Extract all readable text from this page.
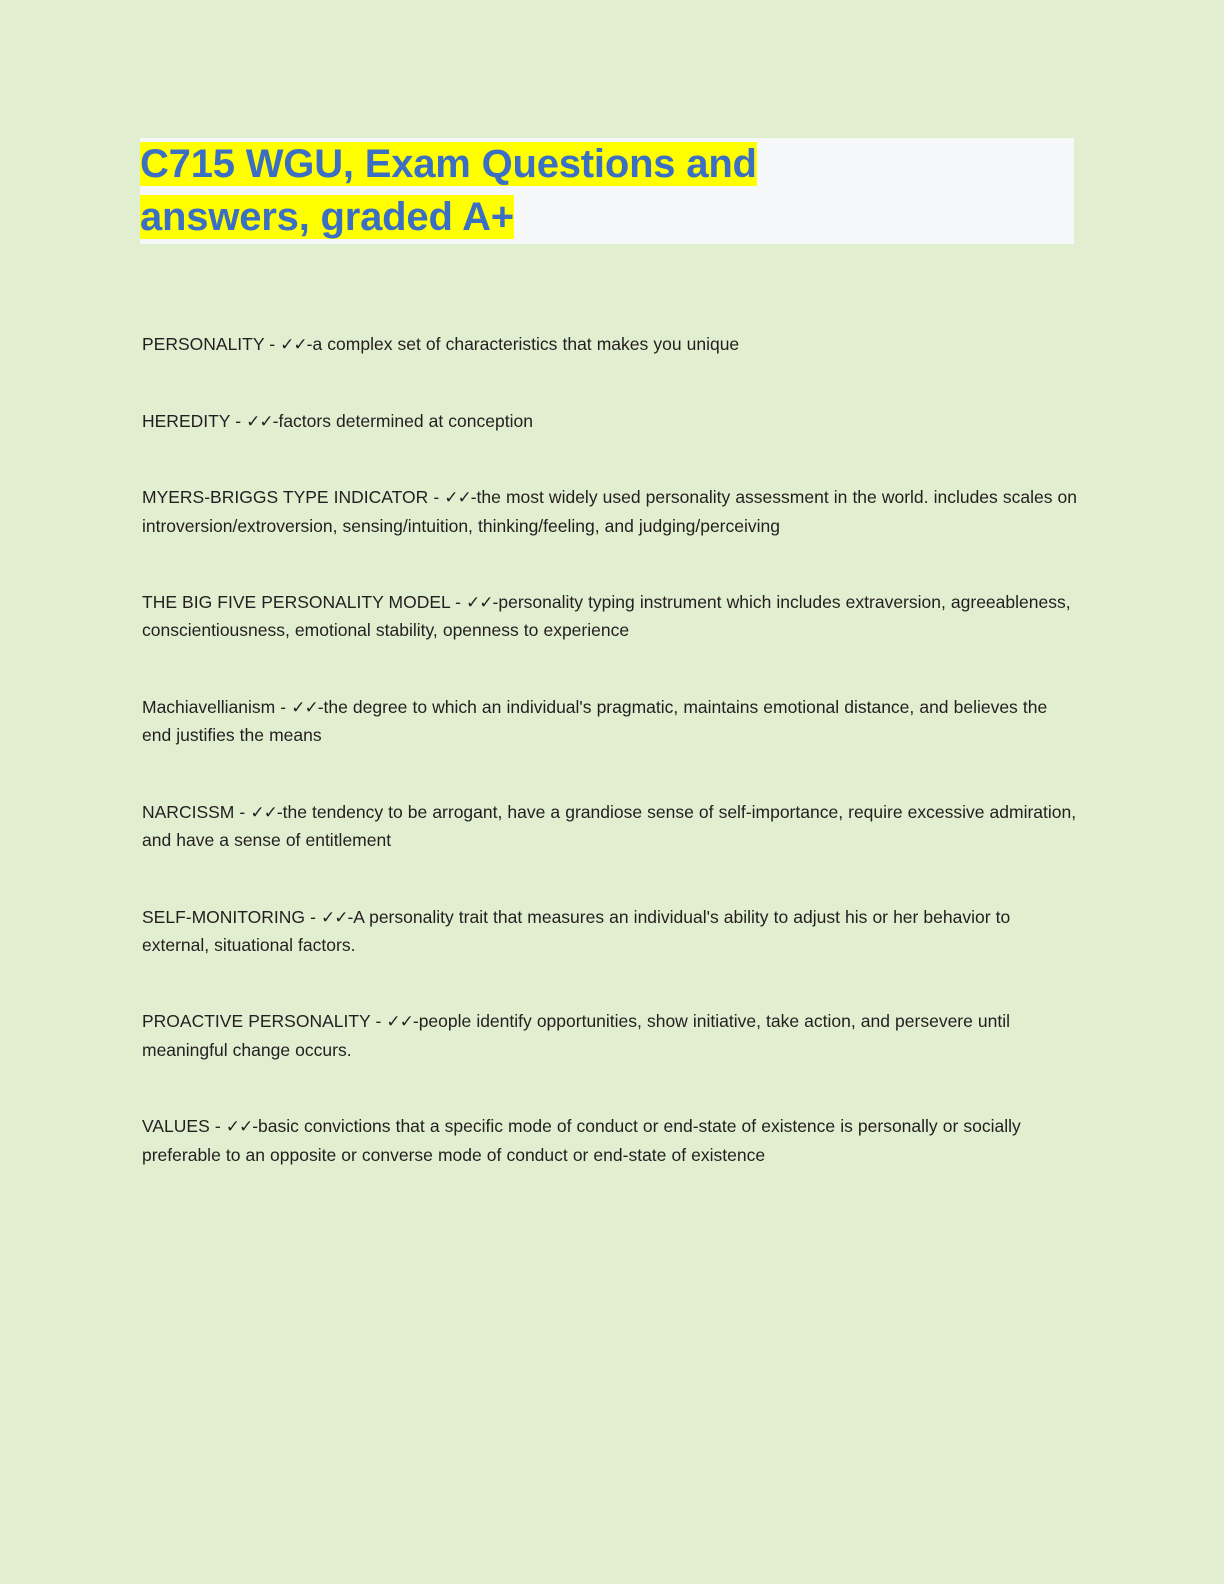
C715 WGU, Exam Questions and
answers, graded A+

PERSONALITY - ✓✓-a complex set of characteristics that makes you unique

HEREDITY - ✓✓-factors determined at conception

MYERS-BRIGGS TYPE INDICATOR - ✓✓-the most widely used personality assessment in the world. includes scales on introversion/extroversion, sensing/intuition, thinking/feeling, and judging/perceiving

THE BIG FIVE PERSONALITY MODEL - ✓✓-personality typing instrument which includes extraversion, agreeableness, conscientiousness, emotional stability, openness to experience

Machiavellianism - ✓✓-the degree to which an individual's pragmatic, maintains emotional distance, and believes the end justifies the means

NARCISSM - ✓✓-the tendency to be arrogant, have a grandiose sense of self-importance, require excessive admiration, and have a sense of entitlement

SELF-MONITORING - ✓✓-A personality trait that measures an individual's ability to adjust his or her behavior to external, situational factors.

PROACTIVE PERSONALITY - ✓✓-people identify opportunities, show initiative, take action, and persevere until meaningful change occurs.

VALUES - ✓✓-basic convictions that a specific mode of conduct or end-state of existence is personally or socially preferable to an opposite or converse mode of conduct or end-state of existence
